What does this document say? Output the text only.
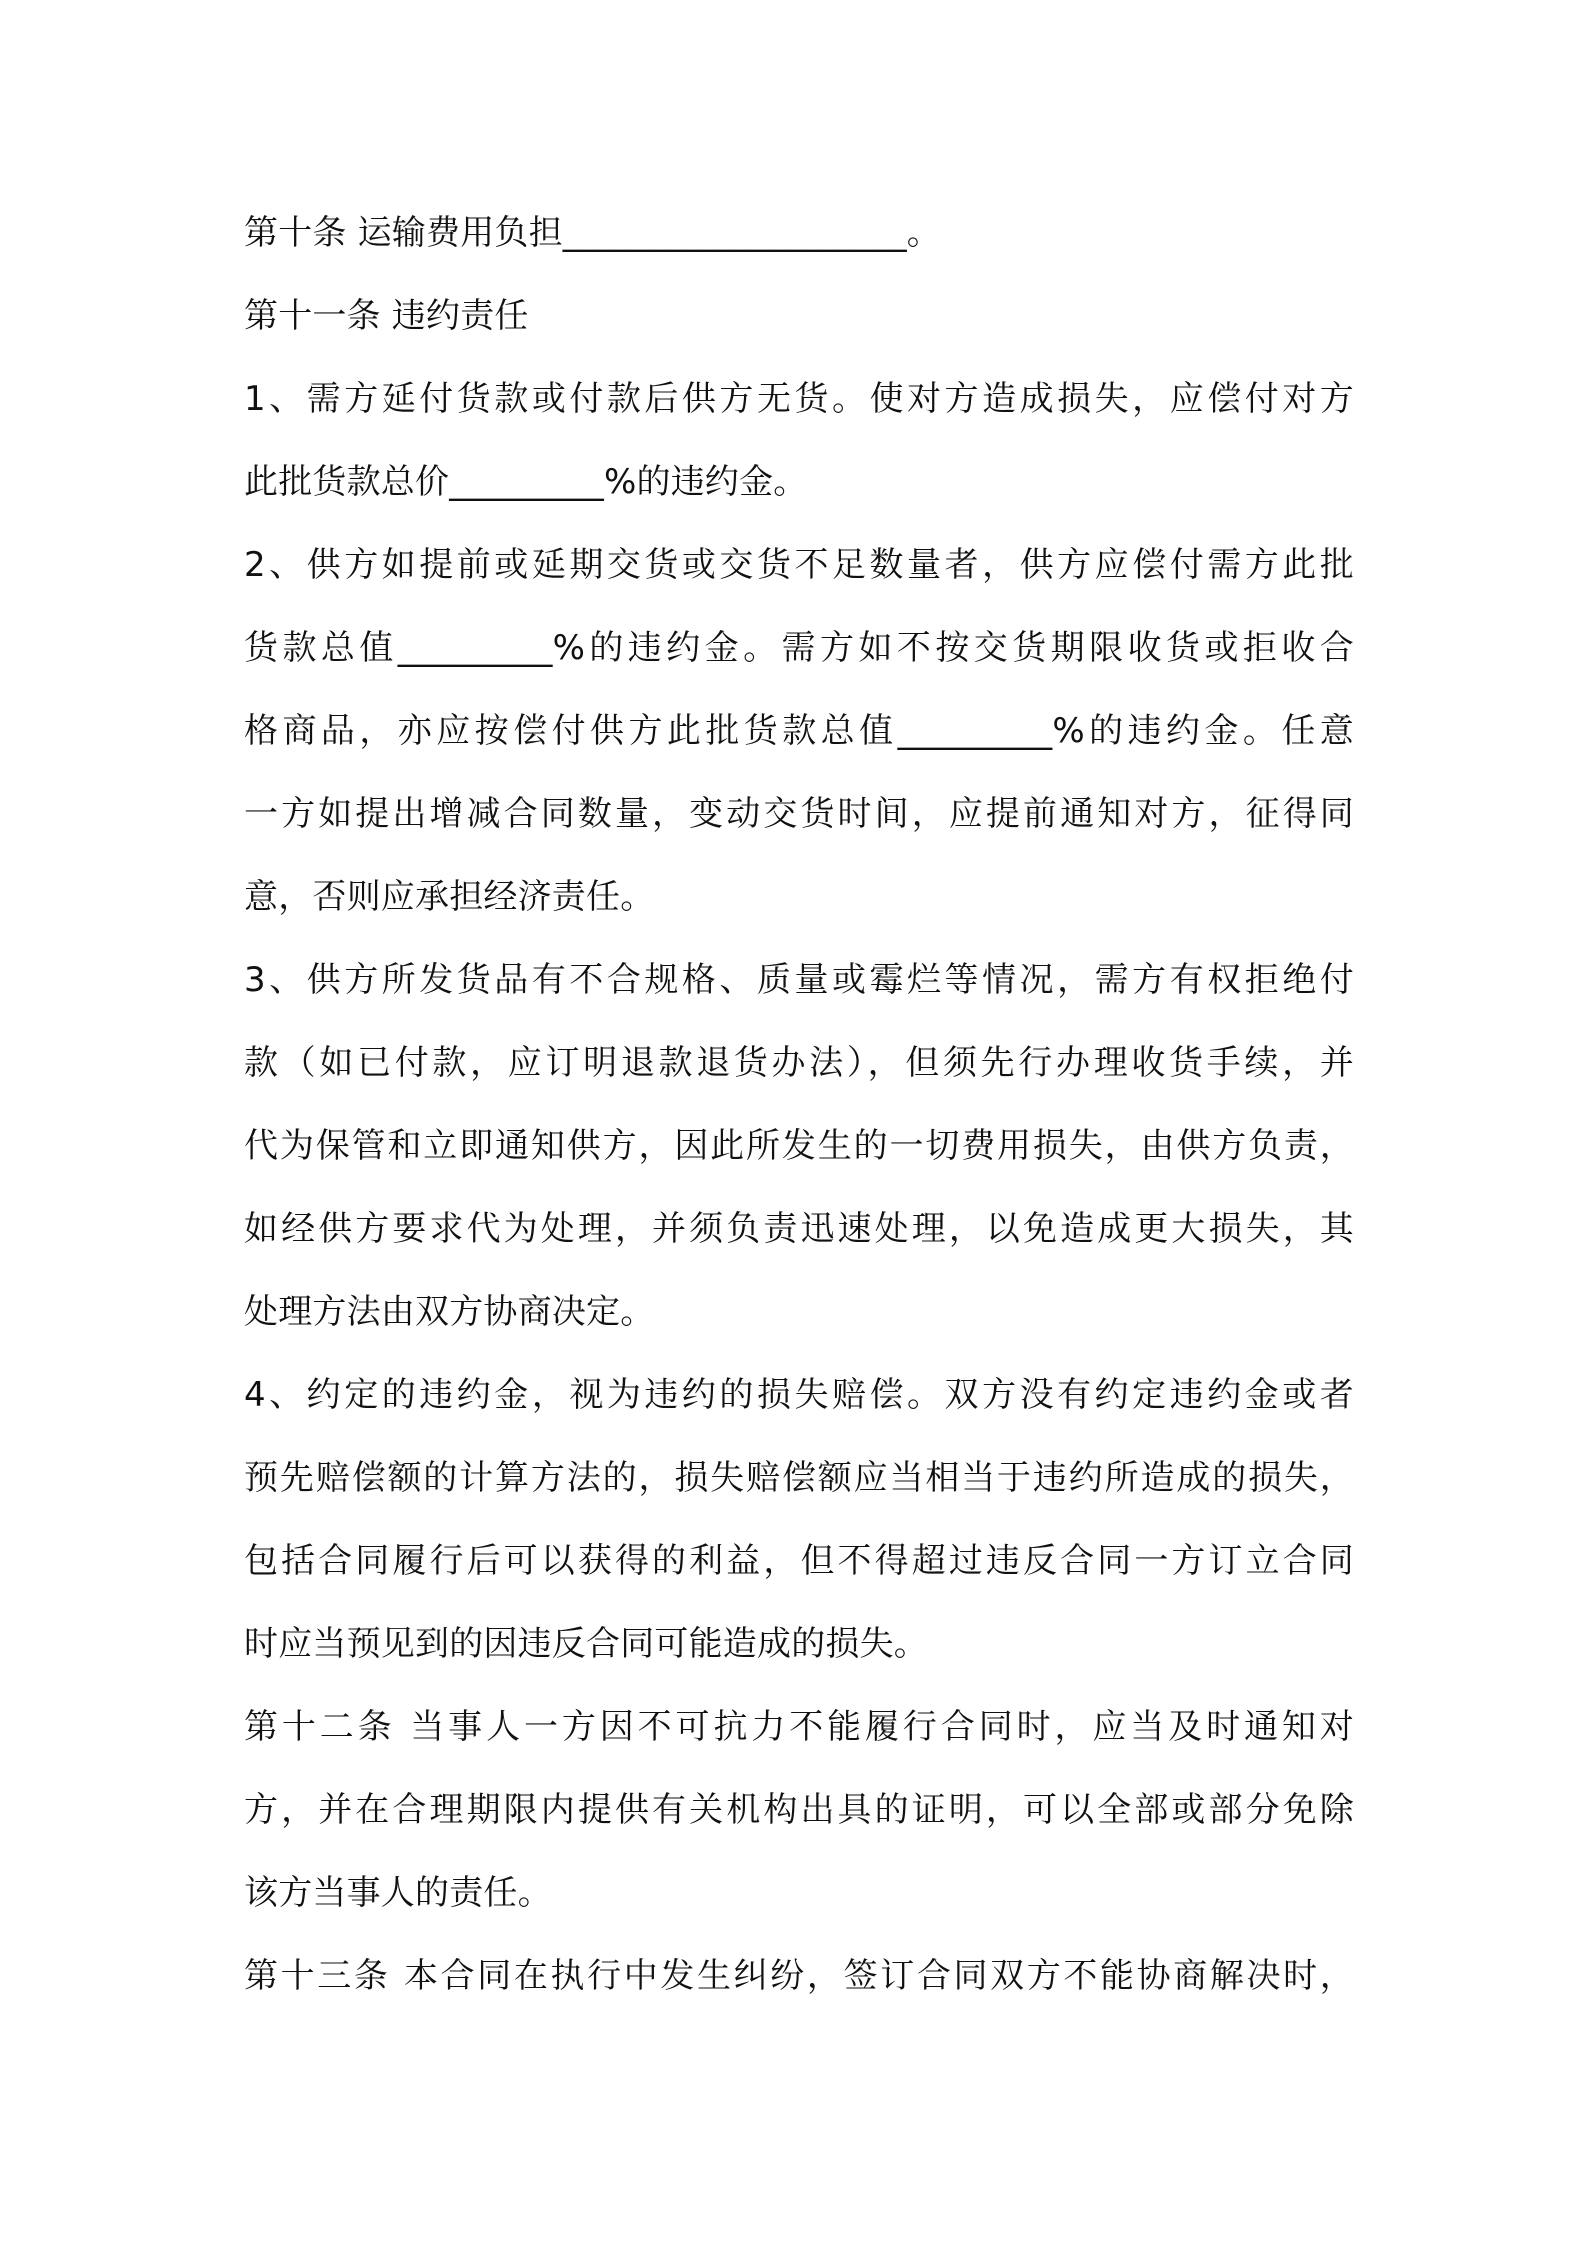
第十条 运输费用负担____________________。
第十一条 违约责任
1、需方延付货款或付款后供方无货。使对方造成损失，应偿付对方
此批货款总价_________%的违约金。
2、供方如提前或延期交货或交货不足数量者，供方应偿付需方此批
货款总值_________%的违约金。需方如不按交货期限收货或拒收合
格商品，亦应按偿付供方此批货款总值_________%的违约金。任意
一方如提出增减合同数量，变动交货时间，应提前通知对方，征得同
意，否则应承担经济责任。
3、供方所发货品有不合规格、质量或霉烂等情况，需方有权拒绝付
款（如已付款，应订明退款退货办法），但须先行办理收货手续，并
代为保管和立即通知供方，因此所发生的一切费用损失，由供方负责，
如经供方要求代为处理，并须负责迅速处理，以免造成更大损失，其
处理方法由双方协商决定。
4、约定的违约金，视为违约的损失赔偿。双方没有约定违约金或者
预先赔偿额的计算方法的，损失赔偿额应当相当于违约所造成的损失，
包括合同履行后可以获得的利益，但不得超过违反合同一方订立合同
时应当预见到的因违反合同可能造成的损失。
第十二条 当事人一方因不可抗力不能履行合同时，应当及时通知对
方，并在合理期限内提供有关机构出具的证明，可以全部或部分免除
该方当事人的责任。
第十三条 本合同在执行中发生纠纷，签订合同双方不能协商解决时，
